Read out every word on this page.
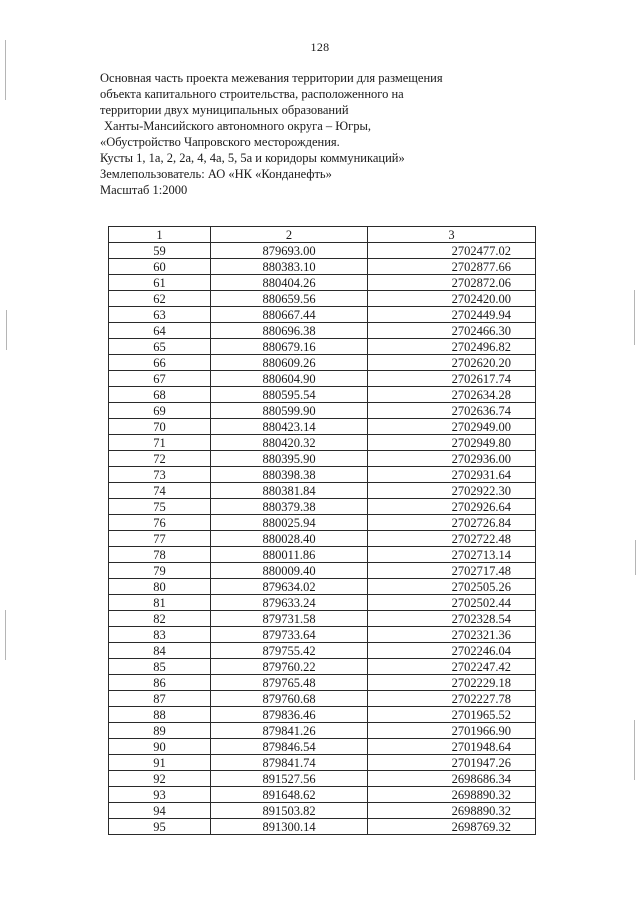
128
Основная часть проекта межевания территории для размещения
объекта капитального строительства, расположенного на
территории двух муниципальных образований
Ханты-Мансийского автономного округа – Югры,
«Обустройство Чапровского месторождения.
Кусты 1, 1а, 2, 2а, 4, 4а, 5, 5а и коридоры коммуникаций»
Землепользователь: АО «НК «Конданефть»
Масштаб 1:2000
1	2	3
59	879693.00	2702477.02
60	880383.10	2702877.66
61	880404.26	2702872.06
62	880659.56	2702420.00
63	880667.44	2702449.94
64	880696.38	2702466.30
65	880679.16	2702496.82
66	880609.26	2702620.20
67	880604.90	2702617.74
68	880595.54	2702634.28
69	880599.90	2702636.74
70	880423.14	2702949.00
71	880420.32	2702949.80
72	880395.90	2702936.00
73	880398.38	2702931.64
74	880381.84	2702922.30
75	880379.38	2702926.64
76	880025.94	2702726.84
77	880028.40	2702722.48
78	880011.86	2702713.14
79	880009.40	2702717.48
80	879634.02	2702505.26
81	879633.24	2702502.44
82	879731.58	2702328.54
83	879733.64	2702321.36
84	879755.42	2702246.04
85	879760.22	2702247.42
86	879765.48	2702229.18
87	879760.68	2702227.78
88	879836.46	2701965.52
89	879841.26	2701966.90
90	879846.54	2701948.64
91	879841.74	2701947.26
92	891527.56	2698686.34
93	891648.62	2698890.32
94	891503.82	2698890.32
95	891300.14	2698769.32
